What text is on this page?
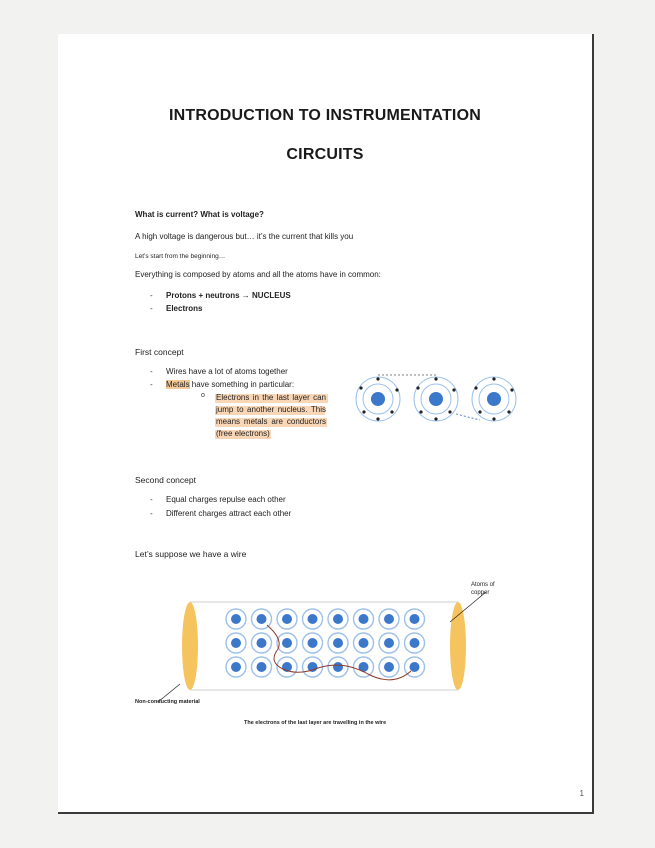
INTRODUCTION TO INSTRUMENTATION
CIRCUITS
What is current? What is voltage?
A high voltage is dangerous but… it’s the current that kills you
Let’s start from the beginning…
Everything is composed by atoms and all the atoms have in common:
- Protons + neutrons → NUCLEUS
- Electrons
First concept
- Wires have a lot of atoms together
- Metals have something in particular:
o Electrons in the last layer can jump to another nucleus. This means metals are conductors (free electrons)
Second concept
- Equal charges repulse each other
- Different charges attract each other
Let’s suppose we have a wire
Atoms of copper
Non-conducting material
The electrons of the last layer are travelling in the wire
1
